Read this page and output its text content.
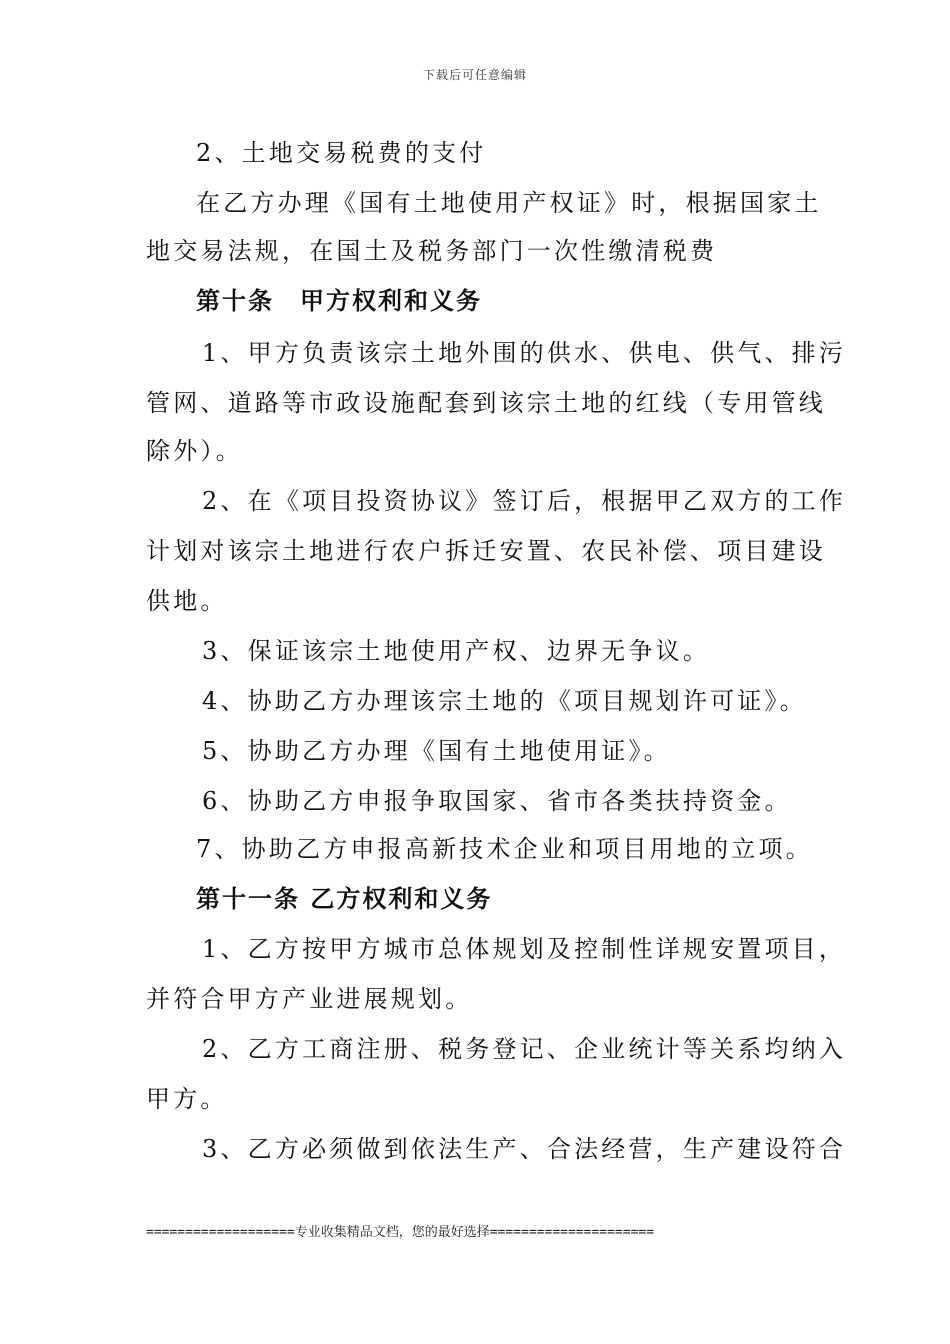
下载后可任意编辑
2、土地交易税费的支付
在乙方办理《国有土地使用产权证》时，根据国家土
地交易法规，在国土及税务部门一次性缴清税费
第十条　甲方权利和义务
1、甲方负责该宗土地外围的供水、供电、供气、排污
管网、道路等市政设施配套到该宗土地的红线（专用管线
除外）。
2、在《项目投资协议》签订后，根据甲乙双方的工作
计划对该宗土地进行农户拆迁安置、农民补偿、项目建设
供地。
3、保证该宗土地使用产权、边界无争议。
4、协助乙方办理该宗土地的《项目规划许可证》。
5、协助乙方办理《国有土地使用证》。
6、协助乙方申报争取国家、省市各类扶持资金。
7、协助乙方申报高新技术企业和项目用地的立项。
第十一条 乙方权利和义务
1、乙方按甲方城市总体规划及控制性详规安置项目，
并符合甲方产业进展规划。
2、乙方工商注册、税务登记、企业统计等关系均纳入
甲方。
3、乙方必须做到依法生产、合法经营，生产建设符合
===================专业收集精品文档，您的最好选择=====================
